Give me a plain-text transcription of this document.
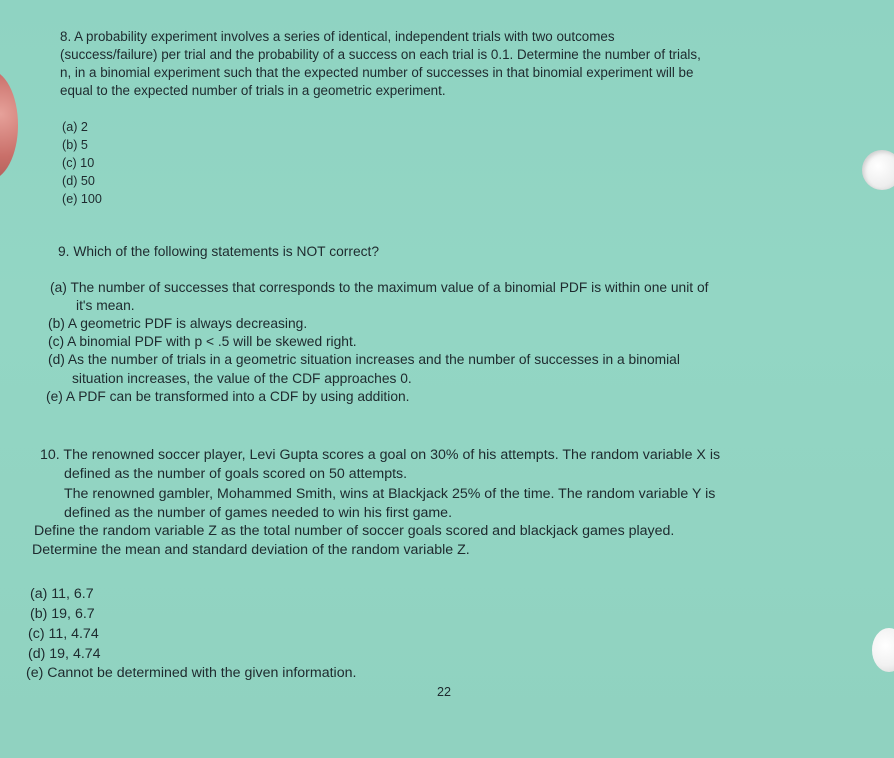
8. A probability experiment involves a series of identical, independent trials with two outcomes
(success/failure) per trial and the probability of a success on each trial is 0.1. Determine the number of trials,
n, in a binomial experiment such that the expected number of successes in that binomial experiment will be
equal to the expected number of trials in a geometric experiment.
(a) 2
(b) 5
(c) 10
(d) 50
(e) 100
9. Which of the following statements is NOT correct?
(a) The number of successes that corresponds to the maximum value of a binomial PDF is within one unit of
it's mean.
(b) A geometric PDF is always decreasing.
(c) A binomial PDF with p < .5 will be skewed right.
(d) As the number of trials in a geometric situation increases and the number of successes in a binomial
situation increases, the value of the CDF approaches 0.
(e) A PDF can be transformed into a CDF by using addition.
10. The renowned soccer player, Levi Gupta scores a goal on 30% of his attempts. The random variable X is
defined as the number of goals scored on 50 attempts.
The renowned gambler, Mohammed Smith, wins at Blackjack 25% of the time. The random variable Y is
defined as the number of games needed to win his first game.
Define the random variable Z as the total number of soccer goals scored and blackjack games played.
Determine the mean and standard deviation of the random variable Z.
(a) 11, 6.7
(b) 19, 6.7
(c) 11, 4.74
(d) 19, 4.74
(e) Cannot be determined with the given information.
22
